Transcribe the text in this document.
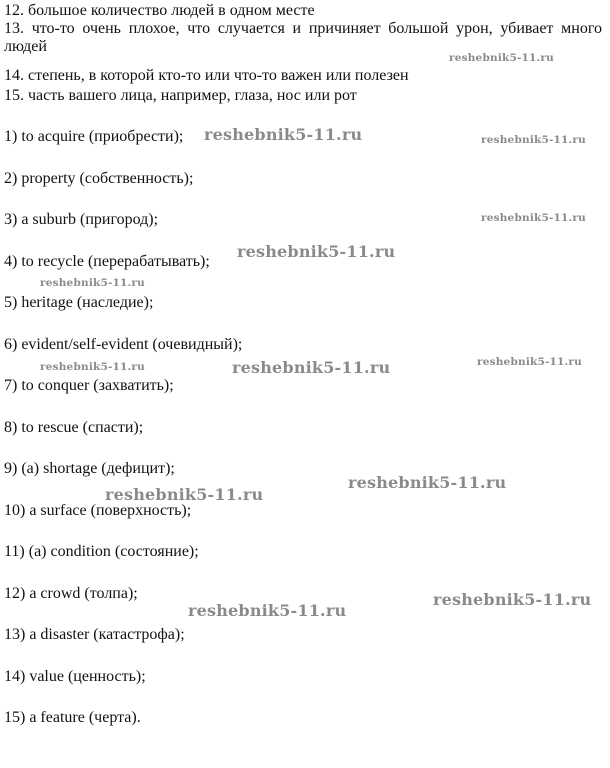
12. большое количество людей в одном месте
13. что-то очень плохое, что случается и причиняет большой урон, убивает много людей
14. степень, в которой кто-то или что-то важен или полезен
15. часть вашего лица, например, глаза, нос или рот
1) to acquire (приобрести);
2) property (собственность);
3) a suburb (пригород);
4) to recycle (перерабатывать);
5) heritage (наследие);
6) evident/self-evident (очевидный);
7) to conquer (захватить);
8) to rescue (спасти);
9) (a) shortage (дефицит);
10) a surface (поверхность);
11) (a) condition (состояние);
12) a crowd (толпа);
13) a disaster (катастрофа);
14) value (ценность);
15) a feature (черта).
reshebnik5-11.ru
reshebnik5-11.ru	reshebnik5-11.ru
reshebnik5-11.ru
reshebnik5-11.ru
reshebnik5-11.ru
reshebnik5-11.ru	reshebnik5-11.ru	reshebnik5-11.ru
reshebnik5-11.ru
reshebnik5-11.ru
reshebnik5-11.ru
reshebnik5-11.ru
